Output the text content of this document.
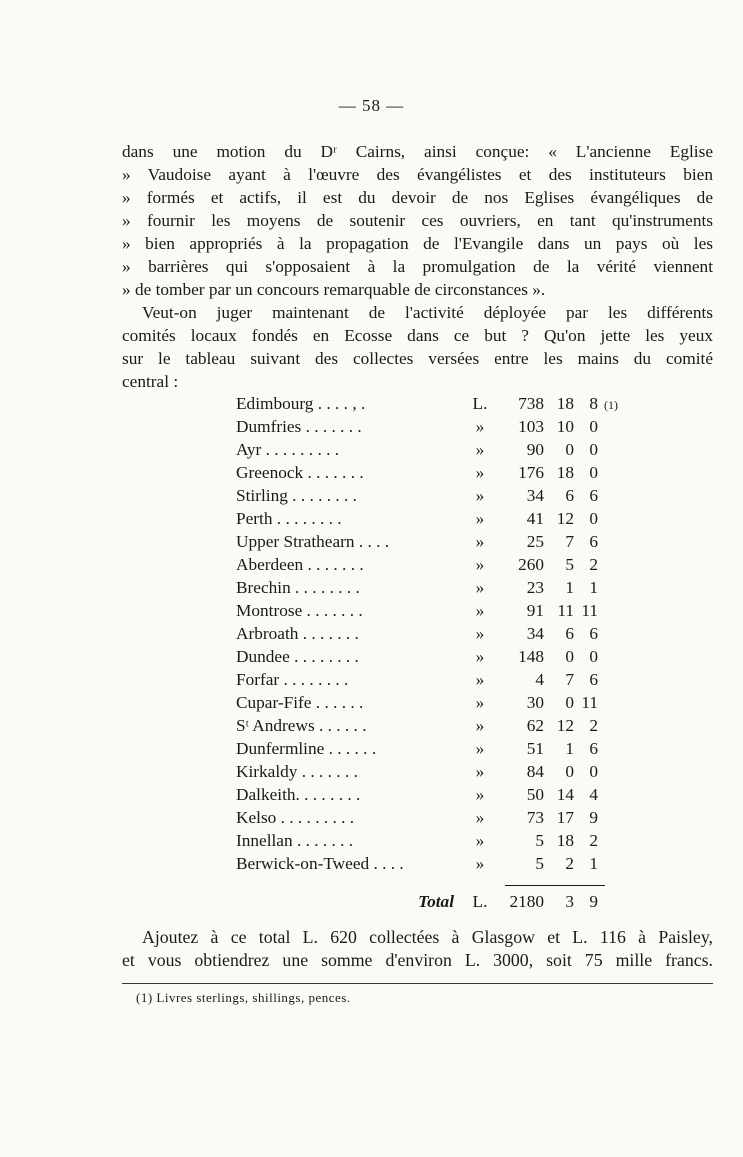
— 58 —
dans une motion du Dʳ Cairns, ainsi conçue: « L'ancienne Eglise
» Vaudoise ayant à l'œuvre des évangélistes et des instituteurs bien
» formés et actifs, il est du devoir de nos Eglises évangéliques de
» fournir les moyens de soutenir ces ouvriers, en tant qu'instruments
» bien appropriés à la propagation de l'Evangile dans un pays où les
» barrières qui s'opposaient à la promulgation de la vérité viennent
» de tomber par un concours remarquable de circonstances ».
Veut-on juger maintenant de l'activité déployée par les différents
comités locaux fondés en Ecosse dans ce but ? Qu'on jette les yeux
sur le tableau suivant des collectes versées entre les mains du comité
central :
Edimbourg . . . . , .	L.	738 18 8 (1)
Dumfries . . . . . . .	»	103 10 0
Ayr . . . . . . . . .	»	90	0 0
Greenock . . . . . . .	»	176 18 0
Stirling . . . . . . . .	»	34	6 6
Perth . . . . . . . .	»	41 12 0
Upper Strathearn . . . .	»	25	7 6
Aberdeen . . . . . . .	»	260	5 2
Brechin . . . . . . . .	»	23	1 1
Montrose . . . . . . .	»	91 11 11
Arbroath . . . . . . .	»	34	6 6
Dundee . . . . . . . .	»	148	0 0
Forfar . . . . . . . .	»	4	7 6
Cupar-Fife . . . . . .	»	30	0 11
Sᵗ Andrews . . . . . .	»	62 12 2
Dunfermline . . . . . .	»	51	1 6
Kirkaldy . . . . . . .	»	84	0 0
Dalkeith. . . . . . . .	»	50 14 4
Kelso . . . . . . . . .	»	73 17 9
Innellan . . . . . . .	»	5 18 2
Berwick-on-Tweed . . . .	»	5	2 1
Total L.	2180	3 9
Ajoutez à ce total L. 620 collectées à Glasgow et L. 116 à Paisley,
et vous obtiendrez une somme d'environ L. 3000, soit 75 mille francs.
(1) Livres sterlings, shillings, pences.
